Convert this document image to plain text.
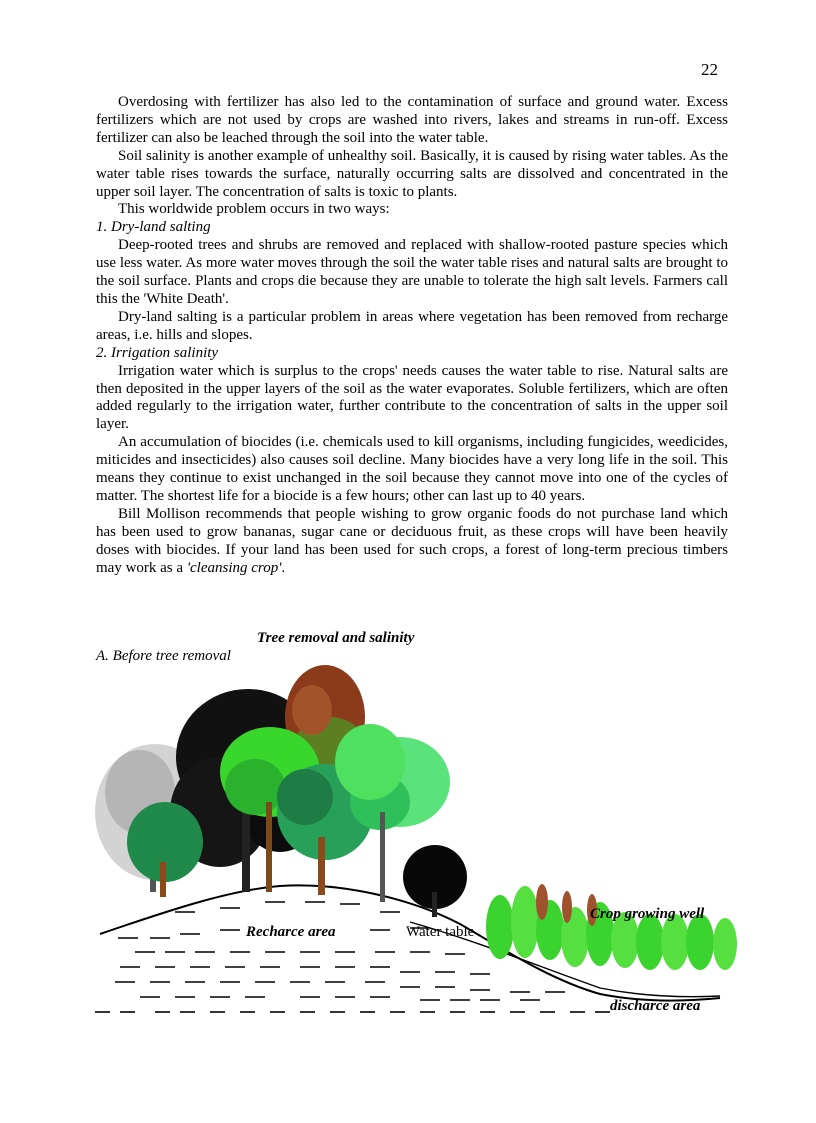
22

Overdosing with fertilizer has also led to the contamination of surface and ground water. Excess fertilizers which are not used by crops are washed into rivers, lakes and streams in run-off. Excess fertilizer can also be leached through the soil into the water table.

Soil salinity is another example of unhealthy soil. Basically, it is caused by rising water tables. As the water table rises towards the surface, naturally occurring salts are dissolved and concentrated in the upper soil layer. The concentration of salts is toxic to plants.

This worldwide problem occurs in two ways:

1. Dry-land salting

Deep-rooted trees and shrubs are removed and replaced with shallow-rooted pasture species which use less water. As more water moves through the soil the water table rises and natural salts are brought to the soil surface. Plants and crops die because they are unable to tolerate the high salt levels. Farmers call this the 'White Death'.

Dry-land salting is a particular problem in areas where vegetation has been removed from recharge areas, i.e. hills and slopes.

2. Irrigation salinity

Irrigation water which is surplus to the crops' needs causes the water table to rise. Natural salts are then deposited in the upper layers of the soil as the water evaporates. Soluble fertilizers, which are often added regularly to the irrigation water, further contribute to the concentration of salts in the upper soil layer.

An accumulation of biocides (i.e. chemicals used to kill organisms, including fungicides, weedicides, miticides and insecticides) also causes soil decline. Many biocides have a very long life in the soil. This means they continue to exist unchanged in the soil because they cannot move into one of the cycles of matter. The shortest life for a biocide is a few hours; other can last up to 40 years.

Bill Mollison recommends that people wishing to grow organic foods do not purchase land which has been used to grow bananas, sugar cane or deciduous fruit, as these crops will have been heavily doses with biocides. If your land has been used for such crops, a forest of long-term precious timbers may work as a 'cleansing crop'.

Tree removal and salinity
A. Before tree removal
Recharce area	Water table
Crop growing well
discharce area
